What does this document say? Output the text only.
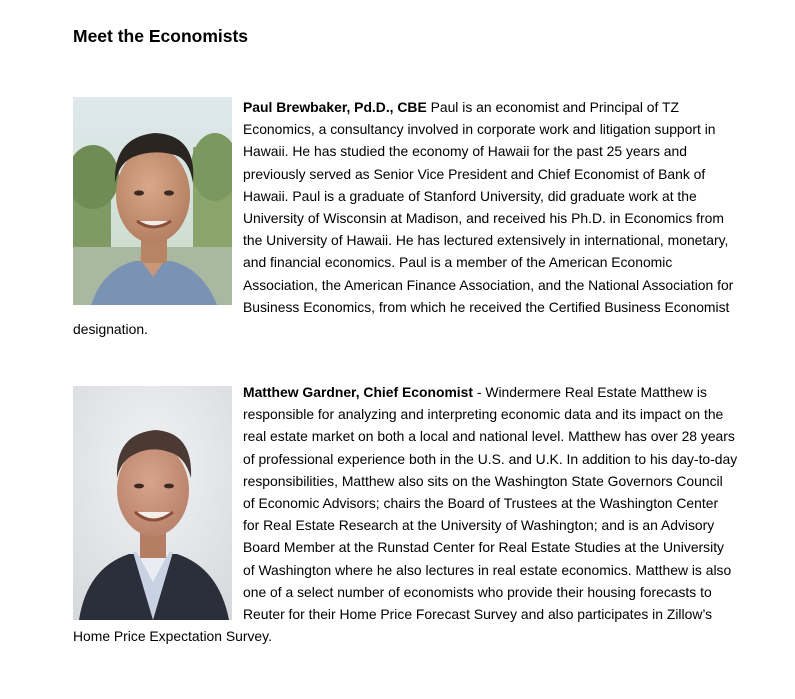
Meet the Economists
Paul Brewbaker, Pd.D., CBE Paul is an economist and Principal of TZ Economics, a consultancy involved in corporate work and litigation support in Hawaii. He has studied the economy of Hawaii for the past 25 years and previously served as Senior Vice President and Chief Economist of Bank of Hawaii. Paul is a graduate of Stanford University, did graduate work at the University of Wisconsin at Madison, and received his Ph.D. in Economics from the University of Hawaii. He has lectured extensively in international, monetary, and financial economics. Paul is a member of the American Economic Association, the American Finance Association, and the National Association for Business Economics, from which he received the Certified Business Economist designation.
Matthew Gardner, Chief Economist - Windermere Real Estate Matthew is responsible for analyzing and interpreting economic data and its impact on the real estate market on both a local and national level. Matthew has over 28 years of professional experience both in the U.S. and U.K. In addition to his day-to-day responsibilities, Matthew also sits on the Washington State Governors Council of Economic Advisors; chairs the Board of Trustees at the Washington Center for Real Estate Research at the University of Washington; and is an Advisory Board Member at the Runstad Center for Real Estate Studies at the University of Washington where he also lectures in real estate economics. Matthew is also one of a select number of economists who provide their housing forecasts to Reuter for their Home Price Forecast Survey and also participates in Zillow’s Home Price Expectation Survey.
